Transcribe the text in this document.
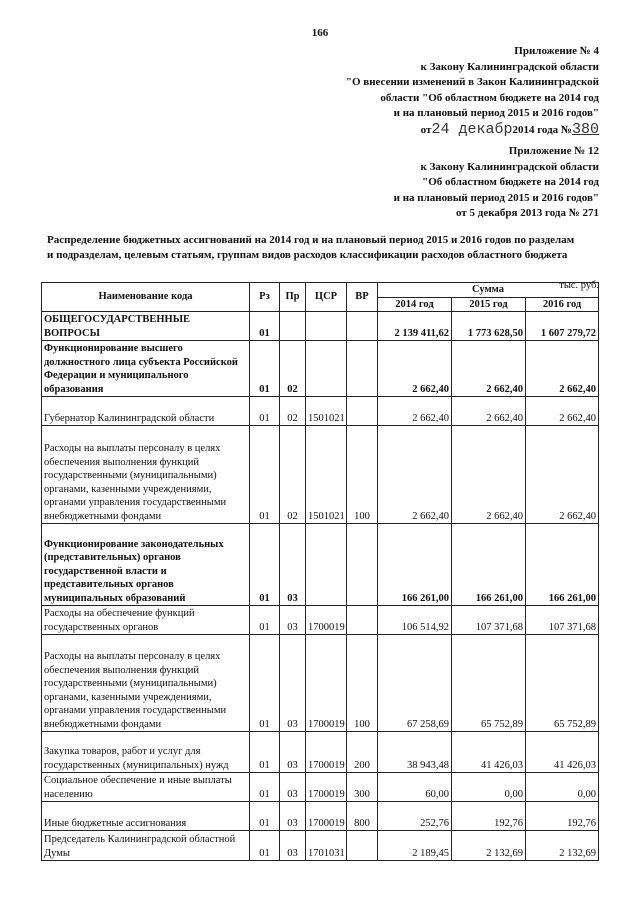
166
Приложение № 4
к Закону Калининградской области
"О внесении изменений в Закон Калининградской
области "Об областном бюджете на 2014 год
и на плановый период 2015 и 2016 годов"
от24 декабр2014 года №380
Приложение № 12
к Закону Калининградской области
"Об областном бюджете на 2014 год
и на плановый период 2015 и 2016 годов"
от 5 декабря 2013 года № 271
Распределение бюджетных ассигнований на 2014 год и на плановый период 2015 и 2016 годов по разделам
и подразделам, целевым статьям, группам видов расходов классификации расходов областного бюджета
тыс. руб.
Наименование кода	Рз	Пр	ЦСР	ВР	Сумма		
					2014 год	2015 год	2016 год
ОБЩЕГОСУДАРСТВЕННЫЕ
ВОПРОСЫ	01				2 139 411,62	1 773 628,50	1 607 279,72
Функционирование высшего должностного лица субъекта Российской Федерации и муниципального образования	01	02			2 662,40	2 662,40	2 662,40
Губернатор Калининградской области	01	02	1501021		2 662,40	2 662,40	2 662,40
Расходы на выплаты персоналу в целях обеспечения выполнения функций государственными (муниципальными) органами, казенными учреждениями, органами управления государственными внебюджетными фондами	01	02	1501021	100	2 662,40	2 662,40	2 662,40
Функционирование законодательных (представительных) органов государственной власти и представительных органов муниципальных образований	01	03			166 261,00	166 261,00	166 261,00
Расходы на обеспечение функций государственных органов	01	03	1700019		106 514,92	107 371,68	107 371,68
Расходы на выплаты персоналу в целях обеспечения выполнения функций государственными (муниципальными) органами, казенными учреждениями, органами управления государственными внебюджетными фондами	01	03	1700019	100	67 258,69	65 752,89	65 752,89
Закупка товаров, работ и услуг для государственных (муниципальных) нужд	01	03	1700019	200	38 943,48	41 426,03	41 426,03
Социальное обеспечение и иные выплаты населению	01	03	1700019	300	60,00	0,00	0,00
Иные бюджетные ассигнования	01	03	1700019	800	252,76	192,76	192,76
Председатель Калининградской областной Думы	01	03	1701031		2 189,45	2 132,69	2 132,69
